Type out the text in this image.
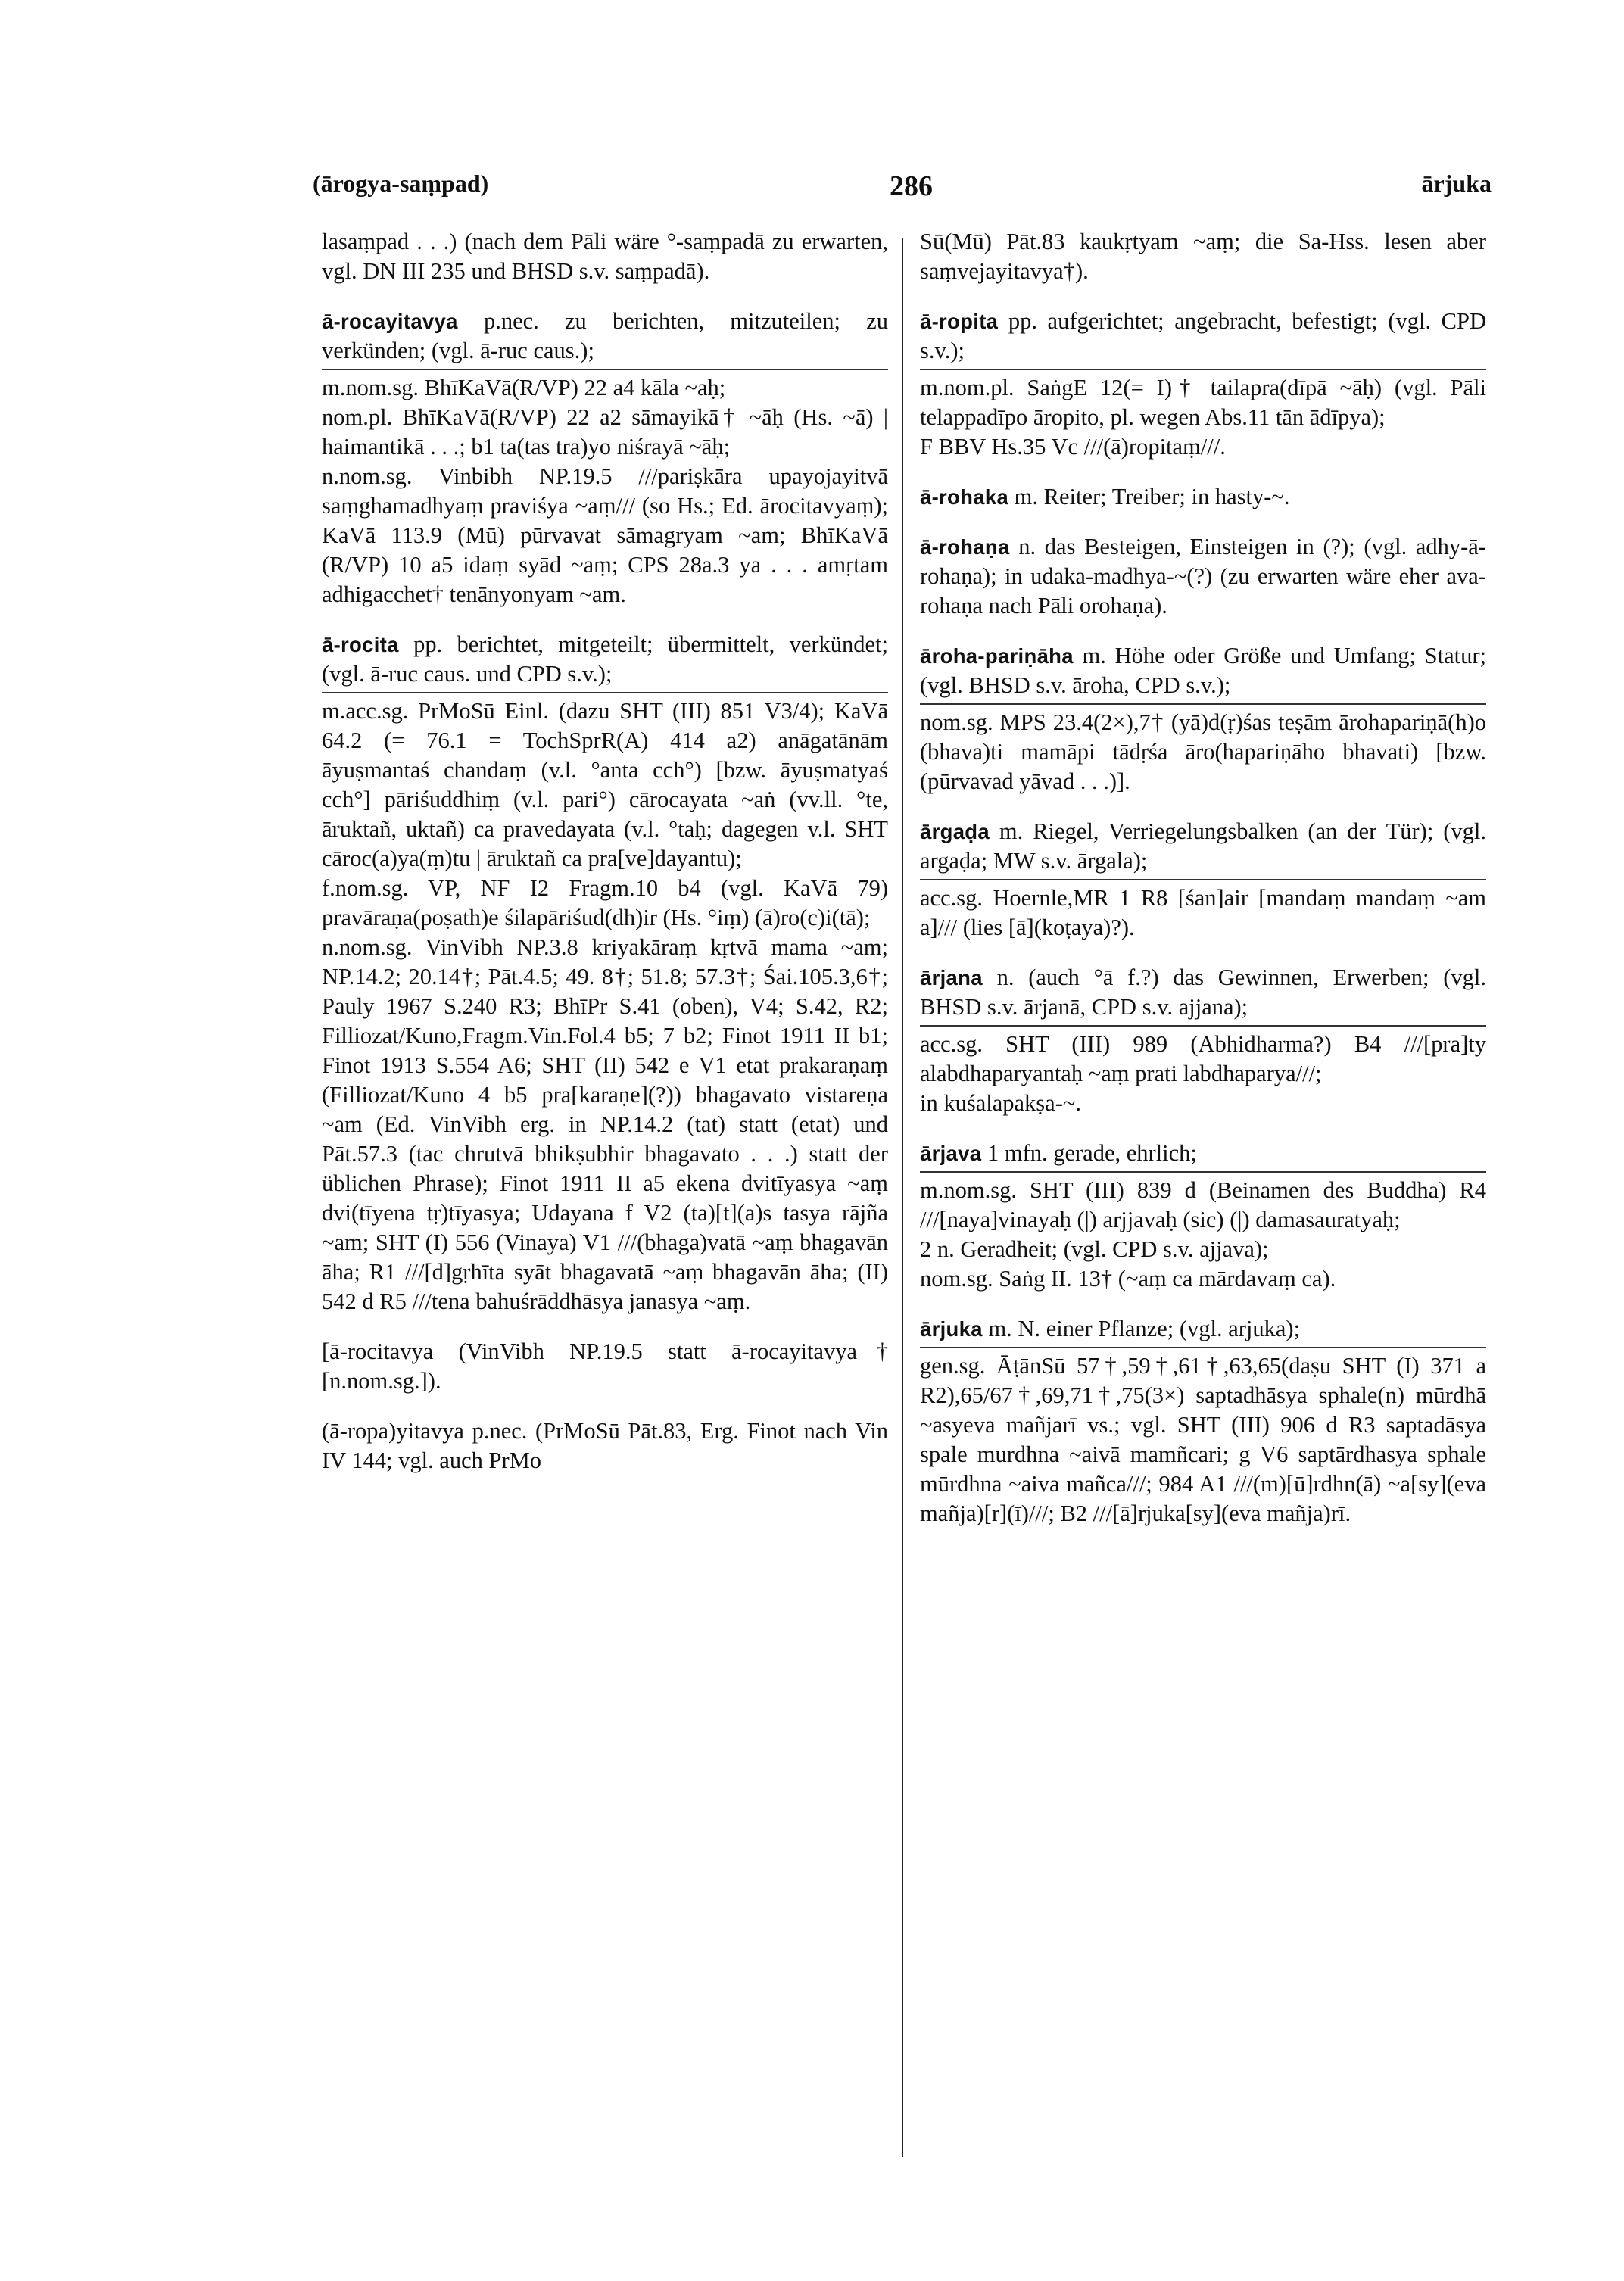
(ārogya-saṃpad)	286	ārjuka

lasaṃpad . . .) (nach dem Pāli wäre °-saṃpadā zu erwarten, vgl. DN III 235 und BHSD s.v. saṃpadā).

ā-rocayitavya p.nec. zu berichten, mitzuteilen; zu verkünden; (vgl. ā-ruc caus.);

m.nom.sg. BhīKaVā(R/VP) 22 a4 kāla ~aḥ;

nom.pl. BhīKaVā(R/VP) 22 a2 sāmayikā† ~āḥ (Hs. ~ā) | haimantikā . . .; b1 ta(tas tra)yo niśrayā ~āḥ;

n.nom.sg. Vinbibh NP.19.5 ///pariṣkāra upayojayitvā saṃghamadhyaṃ praviśya ~aṃ/// (so Hs.; Ed. ārocitavyaṃ); KaVā 113.9 (Mū) pūrvavat sāmagryam ~am; BhīKaVā (R/VP) 10 a5 idaṃ syād ~aṃ; CPS 28a.3 ya . . . amṛtam adhigacchet† tenānyonyam ~am.

ā-rocita pp. berichtet, mitgeteilt; übermittelt, verkündet; (vgl. ā-ruc caus. und CPD s.v.);

m.acc.sg. PrMoSū Einl. (dazu SHT (III) 851 V3/4); KaVā 64.2 (= 76.1 = TochSprR(A) 414 a2) anāgatānām āyuṣmantaś chandaṃ (v.l. °anta cch°) [bzw. āyuṣmatyaś cch°] pāriśuddhiṃ (v.l. pari°) cārocayata ~aṅ (vv.ll. °te, āruktañ, uktañ) ca pravedayata (v.l. °taḥ; dagegen v.l. SHT cāroc(a)ya(ṃ)tu | āruktañ ca pra[ve]dayantu);

f.nom.sg. VP, NF I2 Fragm.10 b4 (vgl. KaVā 79) pravāraṇa(poṣath)e śilapāriśud(dh)ir (Hs. °iṃ) (ā)ro(c)i(tā);

n.nom.sg. VinVibh NP.3.8 kriyakāraṃ kṛtvā mama ~am; NP.14.2; 20.14†; Pāt.4.5; 49. 8†; 51.8; 57.3†; Śai.105.3,6†; Pauly 1967 S.240 R3; BhīPr S.41 (oben), V4; S.42, R2; Filliozat/Kuno,Fragm.Vin.Fol.4 b5; 7 b2; Finot 1911 II b1; Finot 1913 S.554 A6; SHT (II) 542 e V1 etat prakaraṇaṃ (Filliozat/Kuno 4 b5 pra[karaṇe](?)) bhagavato vistareṇa ~am (Ed. VinVibh erg. in NP.14.2 (tat) statt (etat) und Pāt.57.3 (tac chrutvā bhikṣubhir bhagavato . . .) statt der üblichen Phrase); Finot 1911 II a5 ekena dvitīyasya ~aṃ dvi(tīyena tṛ)tīyasya; Udayana f V2 (ta)[t](a)s tasya rājña ~am; SHT (I) 556 (Vinaya) V1 ///(bhaga)vatā ~aṃ bhagavān āha; R1 ///[d]gṛhīta syāt bhagavatā ~aṃ bhagavān āha; (II) 542 d R5 ///tena bahuśrāddhāsya janasya ~aṃ.

[ā-rocitavya (VinVibh NP.19.5 statt ā-rocayitavya† [n.nom.sg.]).

(ā-ropa)yitavya p.nec. (PrMoSū Pāt.83, Erg. Finot nach Vin IV 144; vgl. auch PrMo

Sū(Mū) Pāt.83 kaukṛtyam ~aṃ; die Sa-Hss. lesen aber saṃvejayitavya†).

ā-ropita pp. aufgerichtet; angebracht, befestigt; (vgl. CPD s.v.);

m.nom.pl. SaṅgE 12(= I)† tailapra(dīpā ~āḥ) (vgl. Pāli telappadīpo āropito, pl. wegen Abs.11 tān ādīpya);

F BBV Hs.35 Vc ///(ā)ropitaṃ///.

ā-rohaka m. Reiter; Treiber; in hasty-~.

ā-rohaṇa n. das Besteigen, Einsteigen in (?); (vgl. adhy-ā-rohaṇa); in udaka-madhya-~(?) (zu erwarten wäre eher ava-rohaṇa nach Pāli orohaṇa).

āroha-pariṇāha m. Höhe oder Größe und Umfang; Statur; (vgl. BHSD s.v. āroha, CPD s.v.);

nom.sg. MPS 23.4(2×),7† (yā)d(ṛ)śas teṣām ārohapariṇā(h)o (bhava)ti mamāpi tādṛśa āro(hapariṇāho bhavati) [bzw. (pūrvavad yāvad . . .)].

ārgaḍa m. Riegel, Verriegelungsbalken (an der Tür); (vgl. argaḍa; MW s.v. ārgala);

acc.sg. Hoernle,MR 1 R8 [śan]air [mandaṃ mandaṃ ~am a]/// (lies [ā](koṭaya)?).

ārjana n. (auch °ā f.?) das Gewinnen, Erwerben; (vgl. BHSD s.v. ārjanā, CPD s.v. ajjana);

acc.sg. SHT (III) 989 (Abhidharma?) B4 ///[pra]ty alabdhaparyantaḥ ~aṃ prati labdhaparya///;

in kuśalapakṣa-~.

ārjava 1 mfn. gerade, ehrlich;

m.nom.sg. SHT (III) 839 d (Beinamen des Buddha) R4 ///[naya]vinayaḥ (|) arjjavaḥ (sic) (|) damasauratyaḥ;

2 n. Geradheit; (vgl. CPD s.v. ajjava);

nom.sg. Saṅg II. 13† (~aṃ ca mārdavaṃ ca).

ārjuka m. N. einer Pflanze; (vgl. arjuka);

gen.sg. ĀṭānSū 57†,59†,61†,63,65(daṣu SHT (I) 371 a R2),65/67†,69,71†,75(3×) saptadhāsya sphale(n) mūrdhā ~asyeva mañjarī vs.; vgl. SHT (III) 906 d R3 saptadāsya spale murdhna ~aivā mamñcari; g V6 saptārdhasya sphale mūrdhna ~aiva mañca///; 984 A1 ///(m)[ū]rdhn(ā) ~a[sy](eva mañja)[r](ī)///; B2 ///[ā]rjuka[sy](eva mañja)rī.
